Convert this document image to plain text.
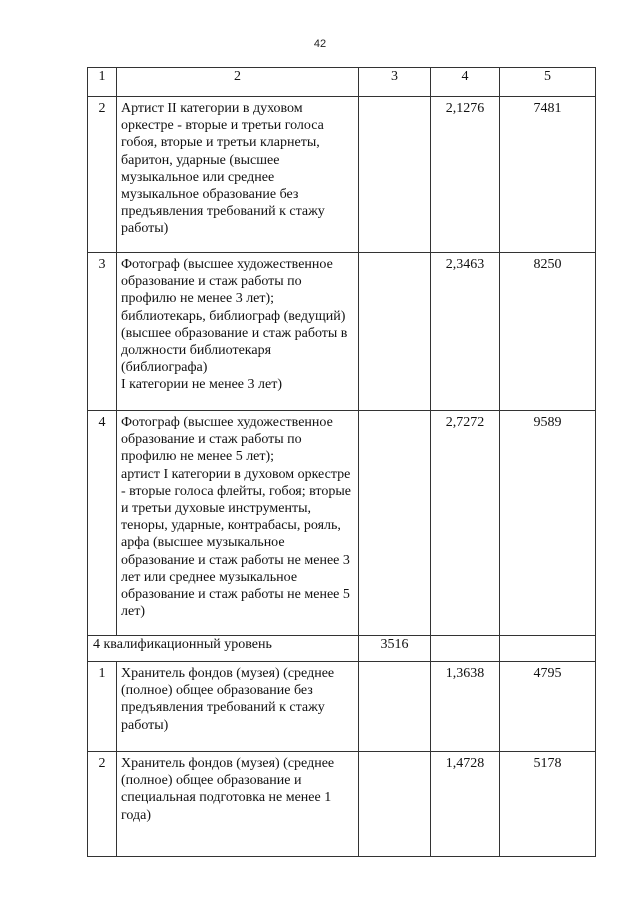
42
1	2	3	4	5
2	Артист II категории в духовом оркестре - вторые и третьи голоса гобоя, вторые и третьи кларнеты, баритон, ударные (высшее музыкальное или среднее музыкальное образование без предъявления требований к стажу работы)		2,1276	7481
3	Фотограф (высшее художественное образование и стаж работы по профилю не менее 3 лет);
библиотекарь, библиограф (ведущий) (высшее образование и стаж работы в должности библиотекаря (библиографа)
I категории не менее 3 лет)		2,3463	8250
4	Фотограф (высшее художественное образование и стаж работы по профилю не менее 5 лет);
артист I категории в духовом оркестре - вторые голоса флейты, гобоя; вторые и третьи духовые инструменты, теноры, ударные, контрабасы, рояль, арфа (высшее музыкальное образование и стаж работы не менее 3 лет или среднее музыкальное образование и стаж работы не менее 5 лет)		2,7272	9589
4 квалификационный уровень		3516		
1	Хранитель фондов (музея) (среднее (полное) общее образование без предъявления требований к стажу работы)		1,3638	4795
2	Хранитель фондов (музея) (среднее (полное) общее образование и специальная подготовка не менее 1 года)		1,4728	5178
